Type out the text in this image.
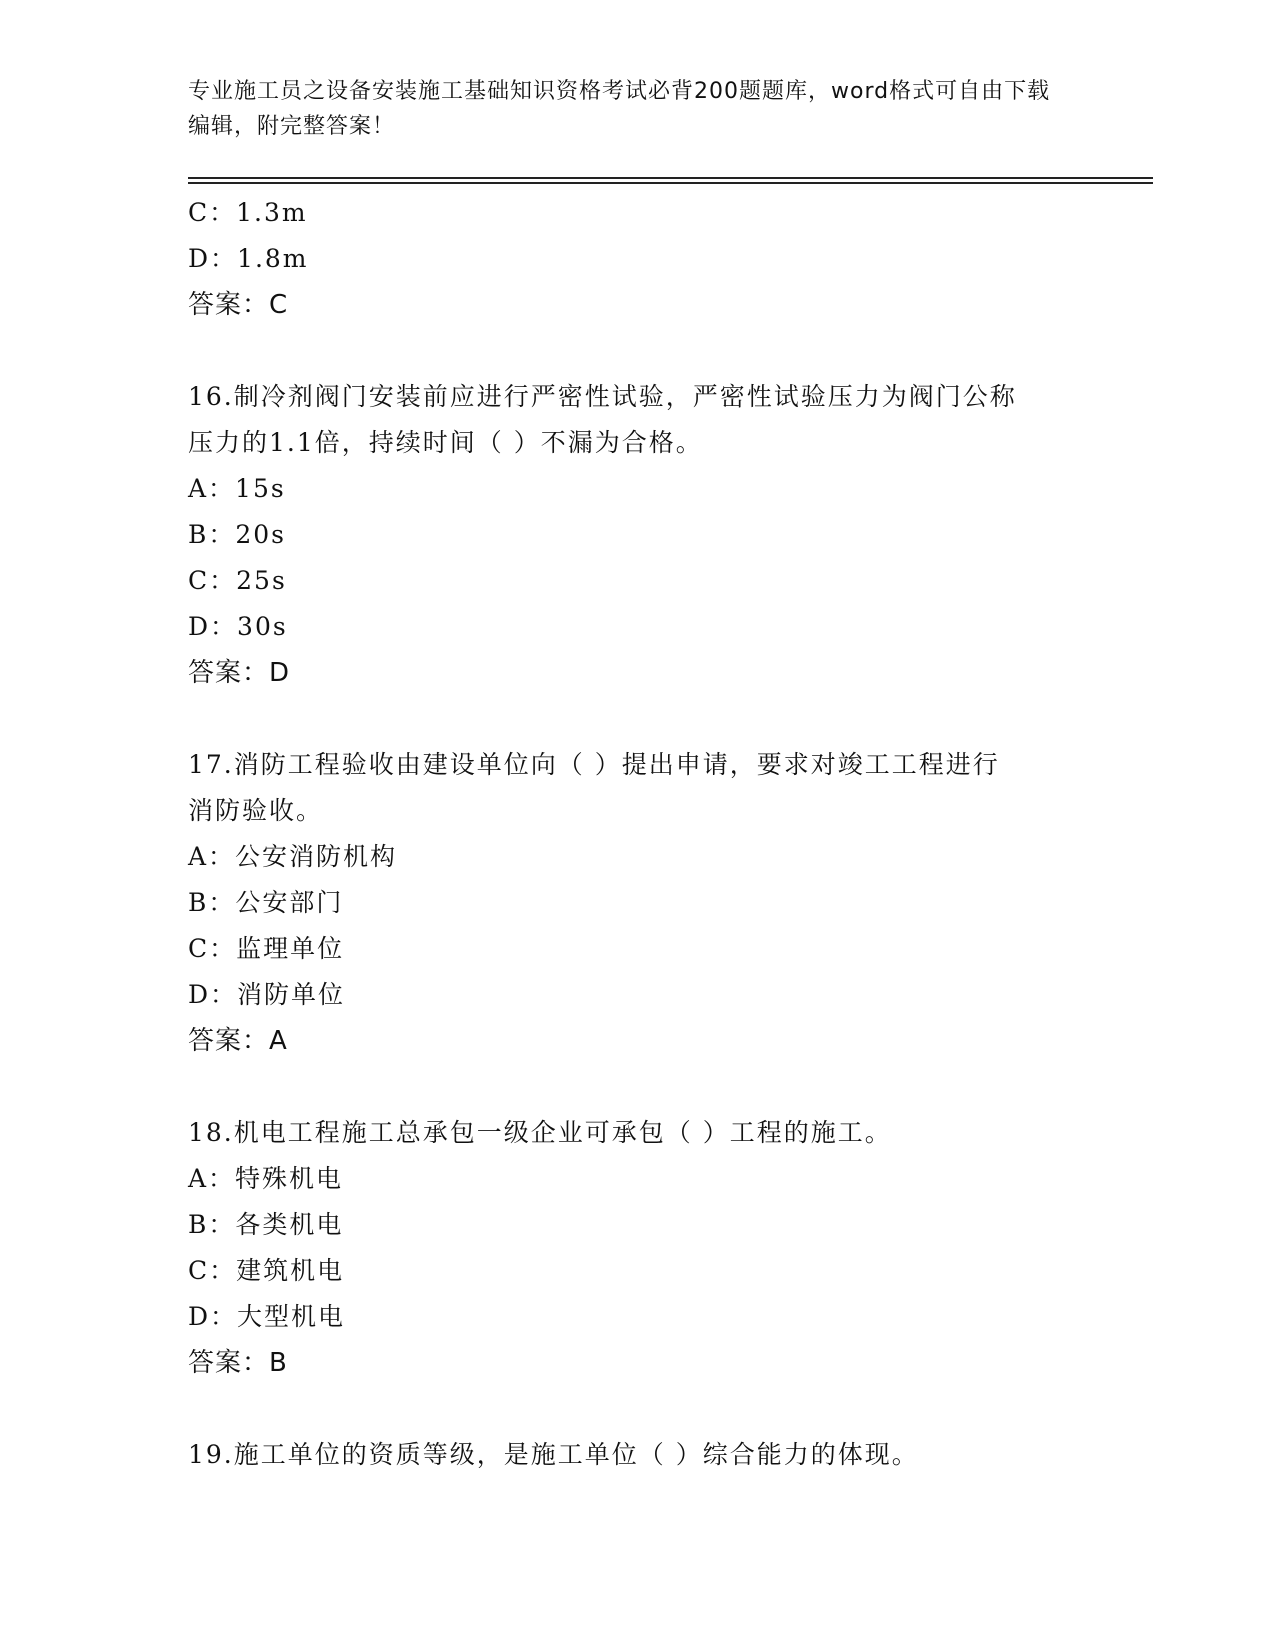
专业施工员之设备安装施工基础知识资格考试必背200题题库，word格式可自由下载编辑，附完整答案！
C：1.3m
D：1.8m
答案：C
16.制冷剂阀门安装前应进行严密性试验，严密性试验压力为阀门公称
压力的1.1倍，持续时间（ ）不漏为合格。
A：15s
B：20s
C：25s
D：30s
答案：D
17.消防工程验收由建设单位向（ ）提出申请，要求对竣工工程进行
消防验收。
A：公安消防机构
B：公安部门
C：监理单位
D：消防单位
答案：A
18.机电工程施工总承包一级企业可承包（ ）工程的施工。
A：特殊机电
B：各类机电
C：建筑机电
D：大型机电
答案：B
19.施工单位的资质等级，是施工单位（ ）综合能力的体现。
